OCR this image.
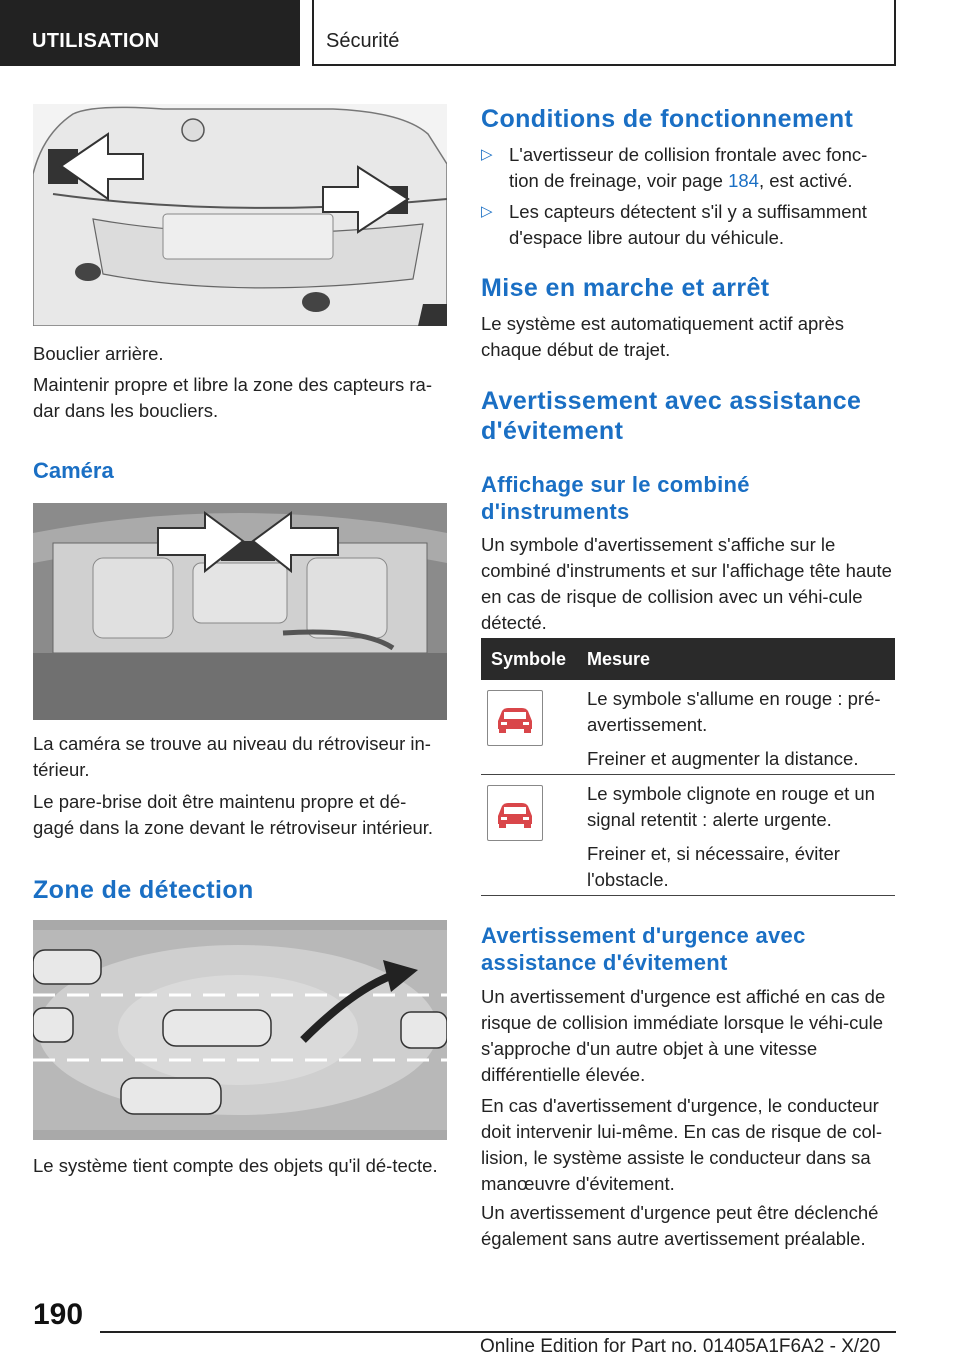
UTILISATION	Sécurité

Bouclier arrière.

Maintenir propre et libre la zone des capteurs ra-dar dans les boucliers.

Caméra

La caméra se trouve au niveau du rétroviseur in-térieur.

Le pare-brise doit être maintenu propre et dé-gagé dans la zone devant le rétroviseur intérieur.

Zone de détection

Le système tient compte des objets qu'il dé-tecte.

Conditions de fonctionnement
▷ L'avertisseur de collision frontale avec fonc-tion de freinage, voir page 184, est activé.
▷ Les capteurs détectent s'il y a suffisamment d'espace libre autour du véhicule.
Mise en marche et arrêt

Le système est automatiquement actif après chaque début de trajet.

Avertissement avec assistance d'évitement
Affichage sur le combiné d'instruments

Un symbole d'avertissement s'affiche sur le combiné d'instruments et sur l'affichage tête haute en cas de risque de collision avec un véhi-cule détecté.

Symbole Mesure

Le symbole s'allume en rouge : pré-avertissement.

Freiner et augmenter la distance.

Le symbole clignote en rouge et un signal retentit : alerte urgente.

Freiner et, si nécessaire, éviter l'obstacle.

Avertissement d'urgence avec assistance d'évitement

Un avertissement d'urgence est affiché en cas de risque de collision immédiate lorsque le véhi-cule s'approche d'un autre objet à une vitesse différentielle élevée.

En cas d'avertissement d'urgence, le conducteur doit intervenir lui-même. En cas de risque de col-lision, le système assiste le conducteur dans sa manœuvre d'évitement.

Un avertissement d'urgence peut être déclenché également sans autre avertissement préalable.

190
Online Edition for Part no. 01405A1F6A2 - X/20
